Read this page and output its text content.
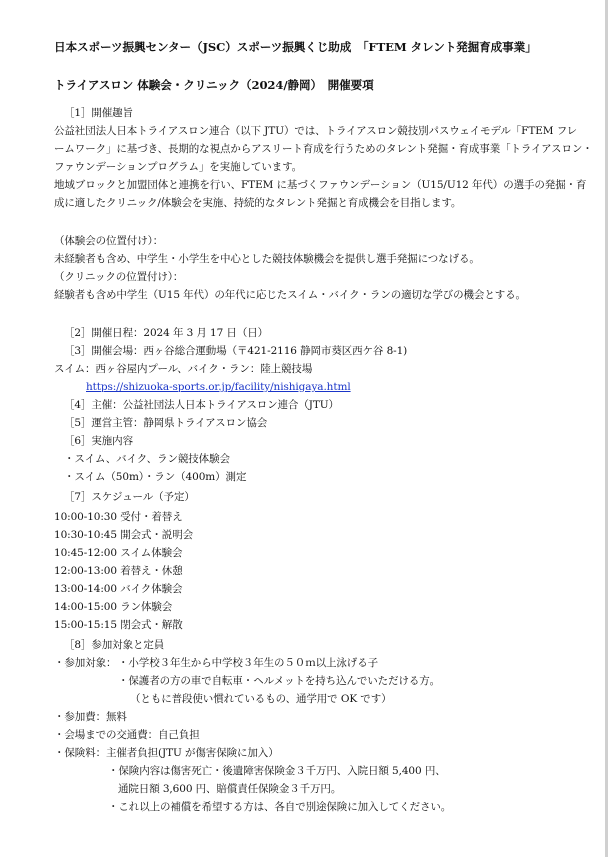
日本スポーツ振興センター（JSC）スポーツ振興くじ助成　「FTEM タレント発掘育成事業」
トライアスロン 体験会・クリニック（2024/静岡）　開催要項
［1］開催趣旨
公益社団法人日本トライアスロン連合（以下 JTU）では、トライアスロン競技別パスウェイモデル「FTEM フレ
ームワーク」に基づき、長期的な視点からアスリート育成を行うためのタレント発掘・育成事業「トライアスロン・
ファウンデーションプログラム」を実施しています。
地域ブロックと加盟団体と連携を行い、FTEM に基づくファウンデーション（U15/U12 年代）の選手の発掘・育
成に適したクリニック/体験会を実施、持続的なタレント発掘と育成機会を目指します。
（体験会の位置付け）：
未経験者も含め、中学生・小学生を中心とした競技体験機会を提供し選手発掘につなげる。
（クリニックの位置付け）：
経験者も含め中学生（U15 年代）の年代に応じたスイム・バイク・ランの適切な学びの機会とする。
［2］開催日程：2024 年 3 月 17 日（日）
［3］開催会場：西ヶ谷総合運動場（〒421-2116 静岡市葵区西ケ谷 8-1)
スイム：西ヶ谷屋内プール、バイク・ラン：陸上競技場
https://shizuoka-sports.or.jp/facility/nishigaya.html
［4］主催：公益社団法人日本トライアスロン連合（JTU）
［5］運営主管：静岡県トライアスロン協会
［6］実施内容
・スイム、バイク、ラン競技体験会
・スイム（50m）・ラン（400m）測定
［7］スケジュール（予定）
10:00-10:30 受付・着替え
10:30-10:45 開会式・説明会
10:45-12:00 スイム体験会
12:00-13:00 着替え・休憩
13:00-14:00 バイク体験会
14:00-15:00 ラン体験会
15:00-15:15 閉会式・解散
［8］参加対象と定員
・参加対象： ・小学校３年生から中学校３年生の５０ｍ以上泳げる子
・保護者の方の車で自転車・ヘルメットを持ち込んでいただける方。
（ともに普段使い慣れているもの、通学用で OK です）
・参加費：無料
・会場までの交通費：自己負担
・保険料：主催者負担(JTU が傷害保険に加入）
・保険内容は傷害死亡・後遺障害保険金３千万円、入院日額 5,400 円、
通院日額 3,600 円、賠償責任保険金３千万円。
・これ以上の補償を希望する方は、各自で別途保険に加入してください。
